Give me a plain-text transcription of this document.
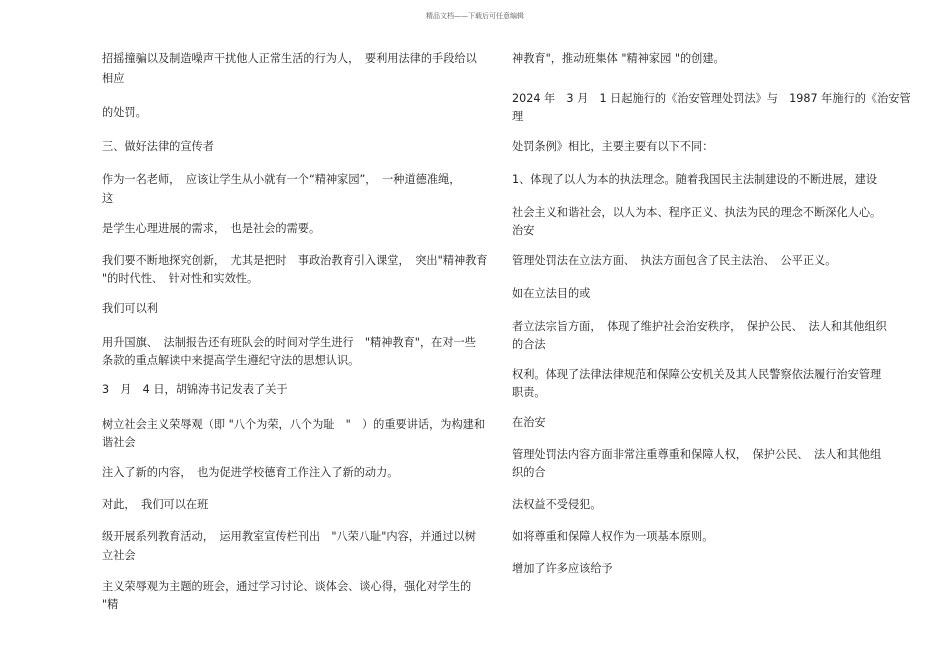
精品文档——下载后可任意编辑
招摇撞骗以及制造噪声干扰他人正常生活的行为人，　要利用法律的手段给以
相应
的处罚。
三、做好法律的宣传者
作为一名老师，　应该让学生从小就有一个“精神家园”，　一种道德准绳，
这
是学生心理进展的需求，　也是社会的需要。
我们要不断地探究创新，　尤其是把时　事政治教育引入课堂，　突出"精神教育
"的时代性、　针对性和实效性。
我们可以利
用升国旗、　法制报告还有班队会的时间对学生进行　"精神教育"，在对一些
条款的重点解读中来提高学生遵纪守法的思想认识。
3　月　4 日，胡锦涛书记发表了关于
树立社会主义荣辱观（即 "八个为荣，八个为耻　"　）的重要讲话，为构建和
谐社会
注入了新的内容，　也为促进学校德育工作注入了新的动力。
对此，　我们可以在班
级开展系列教育活动，　运用教室宣传栏刊出　"八荣八耻"内容，并通过以树
立社会
主义荣辱观为主题的班会，通过学习讨论、谈体会、谈心得，强化对学生的
"精
神教育"，推动班集体 "精神家园 "的创建。
2024 年　3 月　1 日起施行的《治安管理处罚法》与　1987 年施行的《治安管
理
处罚条例》相比，主要主要有以下不同：
1、体现了以人为本的执法理念。随着我国民主法制建设的不断进展，建设
社会主义和谐社会，以人为本、程序正义、执法为民的理念不断深化人心。
治安
管理处罚法在立法方面、　执法方面包含了民主法治、　公平正义。
如在立法目的或
者立法宗旨方面，　体现了维护社会治安秩序，　保护公民、　法人和其他组织
的合法
权利。体现了法律法律规范和保障公安机关及其人民警察依法履行治安管理
职责。
在治安
管理处罚法内容方面非常注重尊重和保障人权，　保护公民、　法人和其他组
织的合
法权益不受侵犯。
如将尊重和保障人权作为一项基本原则。
增加了许多应该给予
